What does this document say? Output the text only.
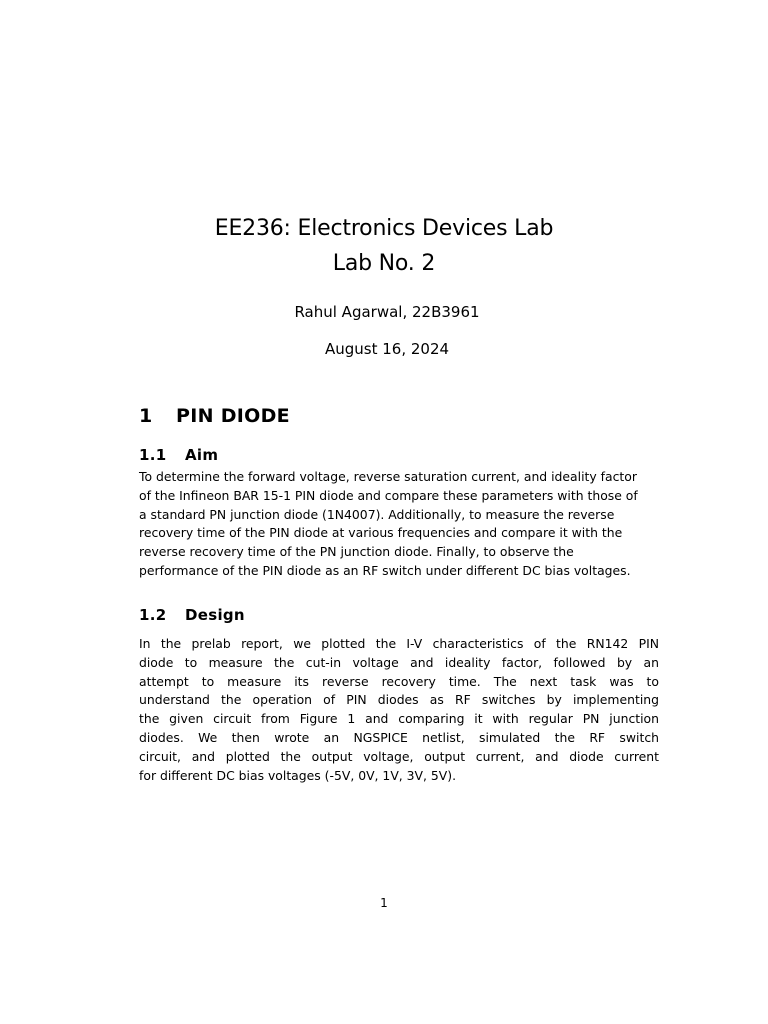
EE236: Electronics Devices Lab
Lab No. 2
Rahul Agarwal, 22B3961
August 16, 2024
1 PIN DIODE
1.1 Aim
To determine the forward voltage, reverse saturation current, and ideality factor
of the Infineon BAR 15-1 PIN diode and compare these parameters with those of
a standard PN junction diode (1N4007). Additionally, to measure the reverse
recovery time of the PIN diode at various frequencies and compare it with the
reverse recovery time of the PN junction diode. Finally, to observe the
performance of the PIN diode as an RF switch under different DC bias voltages.
1.2 Design
In the prelab report, we plotted the I-V characteristics of the RN142 PIN
diode to measure the cut-in voltage and ideality factor, followed by an
attempt to measure its reverse recovery time. The next task was to
understand the operation of PIN diodes as RF switches by implementing
the given circuit from Figure 1 and comparing it with regular PN junction
diodes. We then wrote an NGSPICE netlist, simulated the RF switch
circuit, and plotted the output voltage, output current, and diode current
for different DC bias voltages (-5V, 0V, 1V, 3V, 5V).
1
